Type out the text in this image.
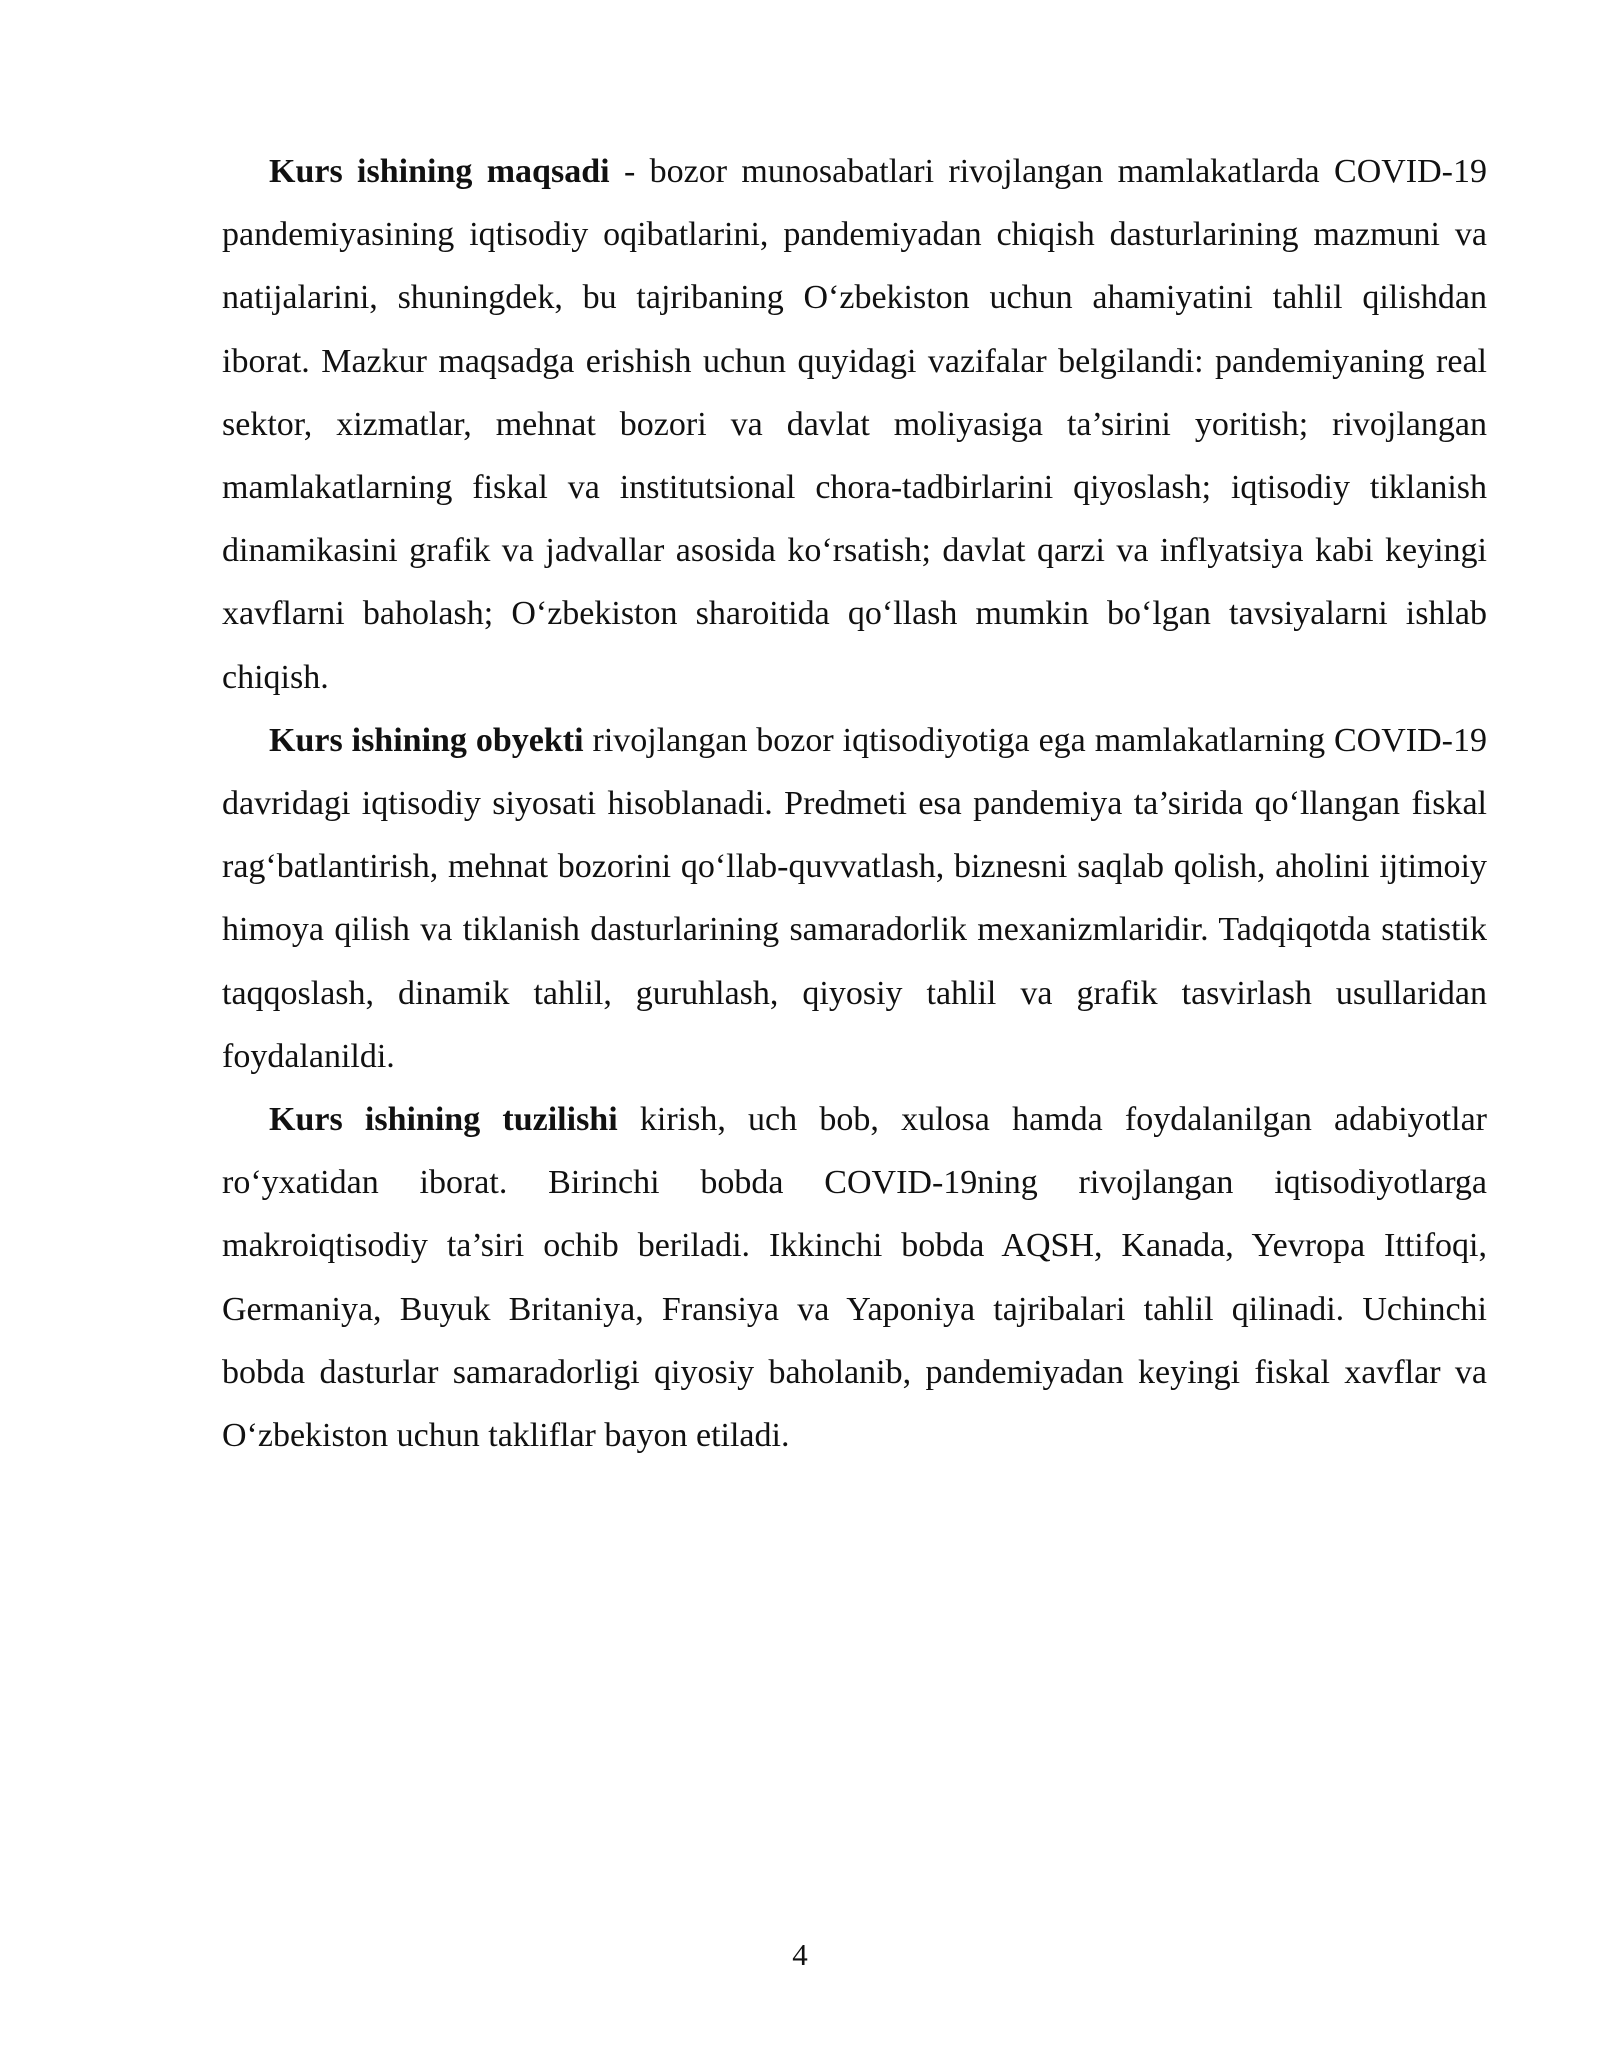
Kurs ishining maqsadi - bozor munosabatlari rivojlangan mamlakatlarda COVID-19 pandemiyasining iqtisodiy oqibatlarini, pandemiyadan chiqish dasturlarining mazmuni va natijalarini, shuningdek, bu tajribaning O‘zbekiston uchun ahamiyatini tahlil qilishdan iborat. Mazkur maqsadga erishish uchun quyidagi vazifalar belgilandi: pandemiyaning real sektor, xizmatlar, mehnat bozori va davlat moliyasiga ta’sirini yoritish; rivojlangan mamlakatlarning fiskal va institutsional chora-tadbirlarini qiyoslash; iqtisodiy tiklanish dinamikasini grafik va jadvallar asosida ko‘rsatish; davlat qarzi va inflyatsiya kabi keyingi xavflarni baholash; O‘zbekiston sharoitida qo‘llash mumkin bo‘lgan tavsiyalarni ishlab chiqish.

Kurs ishining obyekti rivojlangan bozor iqtisodiyotiga ega mamlakatlarning COVID-19 davridagi iqtisodiy siyosati hisoblanadi. Predmeti esa pandemiya ta’sirida qo‘llangan fiskal rag‘batlantirish, mehnat bozorini qo‘llab-quvvatlash, biznesni saqlab qolish, aholini ijtimoiy himoya qilish va tiklanish dasturlarining samaradorlik mexanizmlaridir. Tadqiqotda statistik taqqoslash, dinamik tahlil, guruhlash, qiyosiy tahlil va grafik tasvirlash usullaridan foydalanildi.

Kurs ishining tuzilishi kirish, uch bob, xulosa hamda foydalanilgan adabiyotlar ro‘yxatidan iborat. Birinchi bobda COVID-19ning rivojlangan iqtisodiyotlarga makroiqtisodiy ta’siri ochib beriladi. Ikkinchi bobda AQSH, Kanada, Yevropa Ittifoqi, Germaniya, Buyuk Britaniya, Fransiya va Yaponiya tajribalari tahlil qilinadi. Uchinchi bobda dasturlar samaradorligi qiyosiy baholanib, pandemiyadan keyingi fiskal xavflar va O‘zbekiston uchun takliflar bayon etiladi.

4
